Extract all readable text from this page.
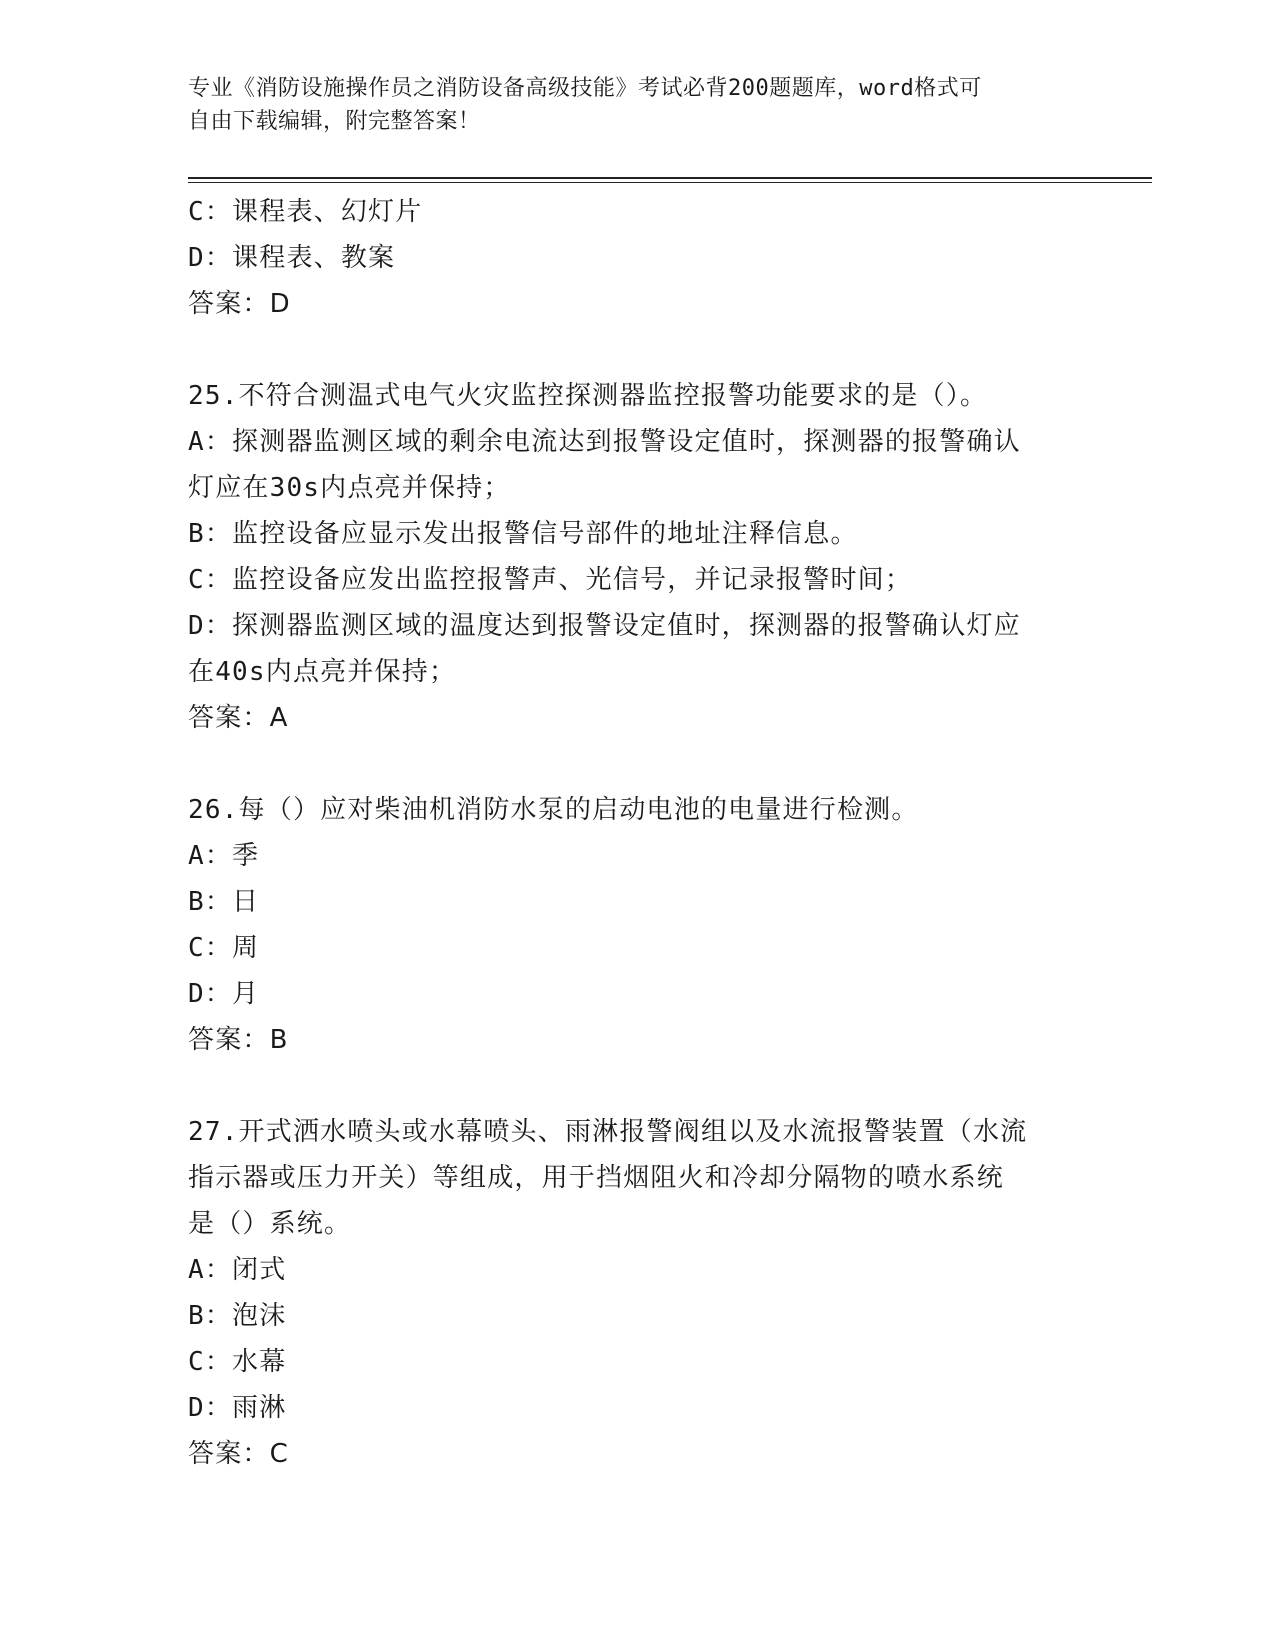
专业《消防设施操作员之消防设备高级技能》考试必背200题题库，word格式可
自由下载编辑，附完整答案！
C：课程表、幻灯片
D：课程表、教案
答案：D
25.不符合测温式电气火灾监控探测器监控报警功能要求的是（）。
A：探测器监测区域的剩余电流达到报警设定值时，探测器的报警确认
灯应在30s内点亮并保持；
B：监控设备应显示发出报警信号部件的地址注释信息。
C：监控设备应发出监控报警声、光信号，并记录报警时间；
D：探测器监测区域的温度达到报警设定值时，探测器的报警确认灯应
在40s内点亮并保持；
答案：A
26.每（）应对柴油机消防水泵的启动电池的电量进行检测。
A：季
B：日
C：周
D：月
答案：B
27.开式洒水喷头或水幕喷头、雨淋报警阀组以及水流报警装置（水流
指示器或压力开关）等组成，用于挡烟阻火和冷却分隔物的喷水系统
是（）系统。
A：闭式
B：泡沫
C：水幕
D：雨淋
答案：C
